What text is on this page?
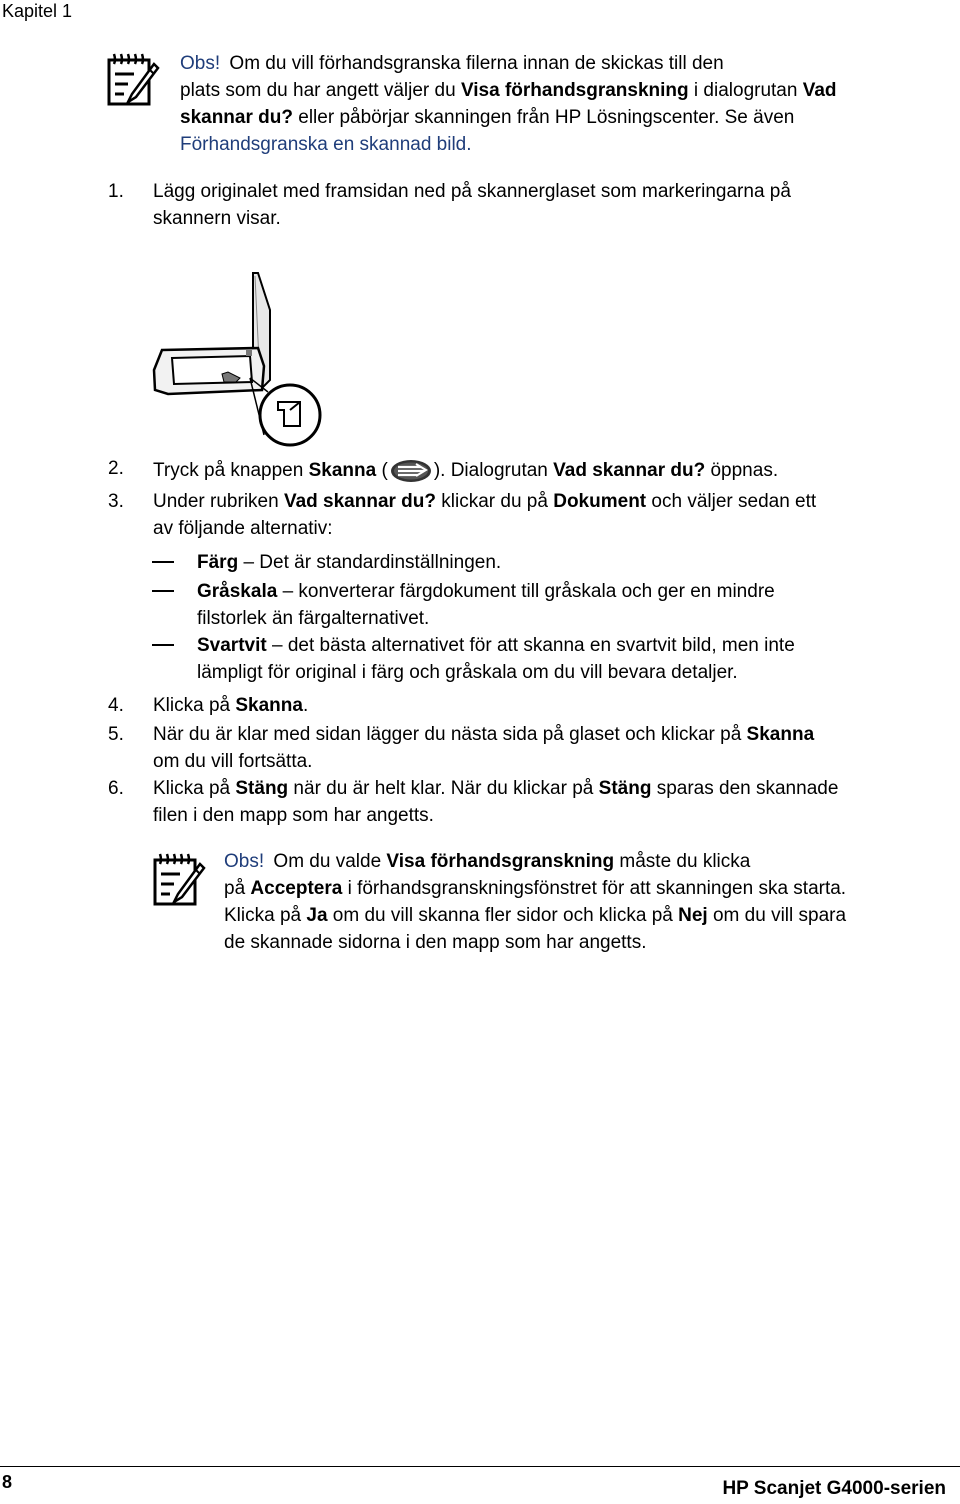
Kapitel 1
Obs! Om du vill förhandsgranska filerna innan de skickas till den
plats som du har angett väljer du Visa förhandsgranskning i dialogrutan Vad
skannar du? eller påbörjar skanningen från HP Lösningscenter. Se även
Förhandsgranska en skannad bild.
1. Lägg originalet med framsidan ned på skannerglaset som markeringarna på
skannern visar.
2. Tryck på knappen Skanna ( ). Dialogrutan Vad skannar du? öppnas.
3. Under rubriken Vad skannar du? klickar du på Dokument och väljer sedan ett
av följande alternativ:
Färg – Det är standardinställningen.
Gråskala – konverterar färgdokument till gråskala och ger en mindre
filstorlek än färgalternativet.
Svartvit – det bästa alternativet för att skanna en svartvit bild, men inte
lämpligt för original i färg och gråskala om du vill bevara detaljer.
4. Klicka på Skanna.
5. När du är klar med sidan lägger du nästa sida på glaset och klickar på Skanna
om du vill fortsätta.
6. Klicka på Stäng när du är helt klar. När du klickar på Stäng sparas den skannade
filen i den mapp som har angetts.
Obs! Om du valde Visa förhandsgranskning måste du klicka
på Acceptera i förhandsgranskningsfönstret för att skanningen ska starta.
Klicka på Ja om du vill skanna fler sidor och klicka på Nej om du vill spara
de skannade sidorna i den mapp som har angetts.
8	HP Scanjet G4000-serien
